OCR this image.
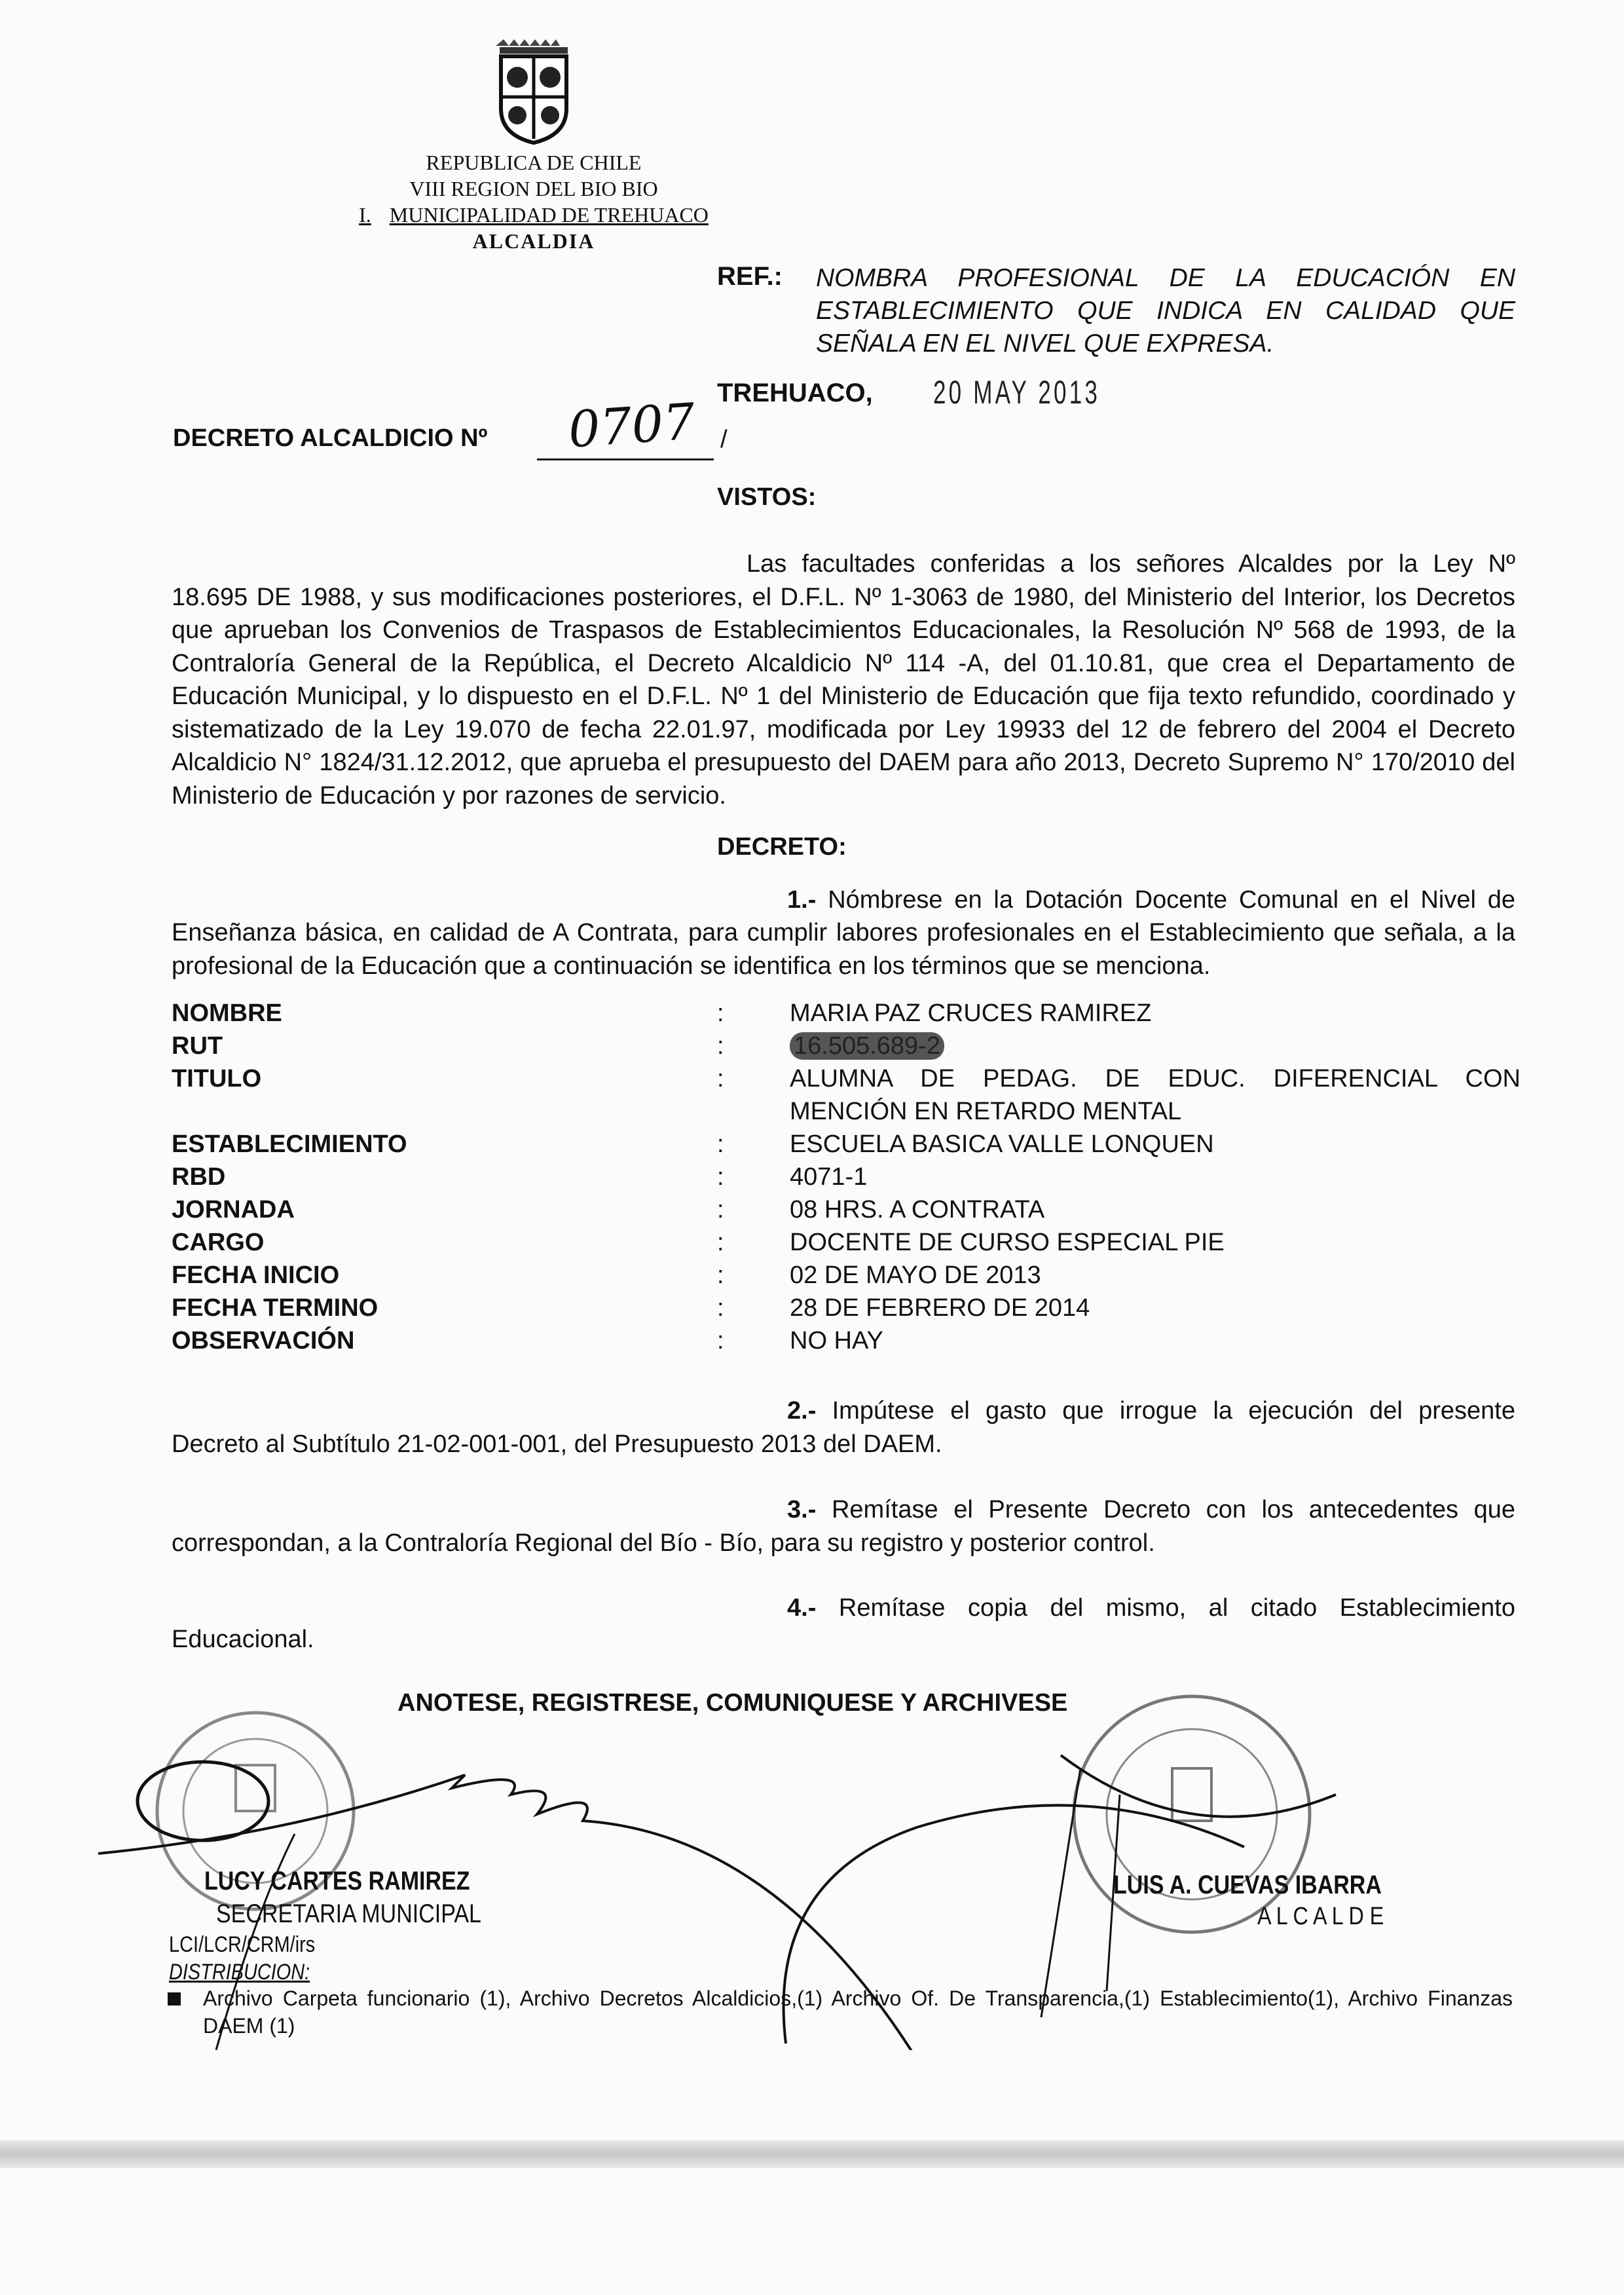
REPUBLICA DE CHILE
VIII REGION DEL BIO BIO
I. MUNICIPALIDAD DE TREHUACO
ALCALDIA
REF.: NOMBRA PROFESIONAL DE LA EDUCACIÓN EN
ESTABLECIMIENTO QUE INDICA EN CALIDAD QUE
SEÑALA EN EL NIVEL QUE EXPRESA.
TREHUACO, 20 MAY 2013
DECRETO ALCALDICIO Nº 0707 /
VISTOS:
Las facultades conferidas a los señores Alcaldes por la Ley Nº 18.695 DE 1988, y sus modificaciones posteriores, el D.F.L. Nº 1-3063 de 1980, del Ministerio del Interior, los Decretos que aprueban los Convenios de Traspasos de Establecimientos Educacionales, la Resolución Nº 568 de 1993, de la Contraloría General de la República, el Decreto Alcaldicio Nº 114 -A, del 01.10.81, que crea el Departamento de Educación Municipal, y lo dispuesto en el D.F.L. Nº 1 del Ministerio de Educación que fija texto refundido, coordinado y sistematizado de la Ley 19.070 de fecha 22.01.97, modificada por Ley 19933 del 12 de febrero del 2004 el Decreto Alcaldicio N° 1824/31.12.2012, que aprueba el presupuesto del DAEM para año 2013, Decreto Supremo N° 170/2010 del Ministerio de Educación y por razones de servicio.
DECRETO:
1.- Nómbrese en la Dotación Docente Comunal en el Nivel de Enseñanza básica, en calidad de A Contrata, para cumplir labores profesionales en el Establecimiento que señala, a la profesional de la Educación que a continuación se identifica en los términos que se menciona.
NOMBRE	:	MARIA PAZ CRUCES RAMIREZ
RUT	:	16.505.689-2
TITULO	:	ALUMNA DE PEDAG. DE EDUC. DIFERENCIAL CON
MENCIÓN EN RETARDO MENTAL
ESTABLECIMIENTO	:	ESCUELA BASICA VALLE LONQUEN
RBD	:	4071-1
JORNADA	:	08 HRS. A CONTRATA
CARGO	:	DOCENTE DE CURSO ESPECIAL PIE
FECHA INICIO	:	02 DE MAYO DE 2013
FECHA TERMINO	:	28 DE FEBRERO DE 2014
OBSERVACIÓN	:	NO HAY
2.- Impútese el gasto que irrogue la ejecución del presente Decreto al Subtítulo 21-02-001-001, del Presupuesto 2013 del DAEM.
3.- Remítase el Presente Decreto con los antecedentes que correspondan, a la Contraloría Regional del Bío - Bío, para su registro y posterior control.
4.- Remítase copia del mismo, al citado Establecimiento Educacional.
ANOTESE, REGISTRESE, COMUNIQUESE Y ARCHIVESE
LUCY CARTES RAMIREZ
SECRETARIA MUNICIPAL
LUIS A. CUEVAS IBARRA
A L C A L D E
LCI/LCR/CRM/irs
DISTRIBUCION:
Archivo Carpeta funcionario (1), Archivo Decretos Alcaldicios,(1) Archivo Of. De Transparencia,(1) Establecimiento(1), Archivo Finanzas DAEM (1)
